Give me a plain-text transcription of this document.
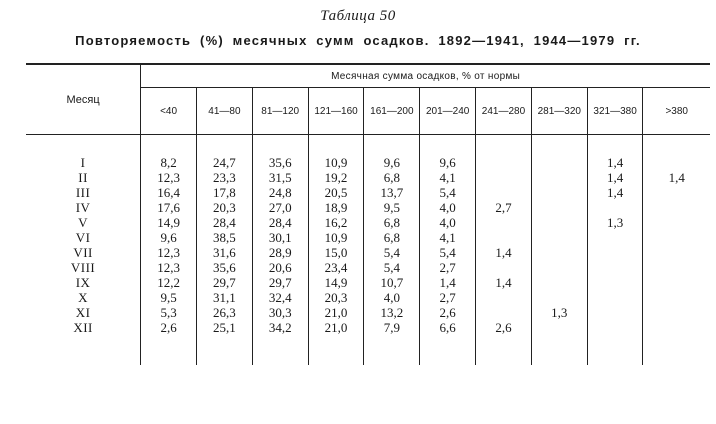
Таблица 50
Повторяемость (%) месячных сумм осадков. 1892—1941, 1944—1979 гг.
Месяц	Месячная сумма осадков, % от нормы									
	<40	41—80	81—120	121—160	161—200	201—240	241—280	281—320	321—380	>380

I	8,2	24,7	35,6	10,9	9,6	9,6			1,4	
II	12,3	23,3	31,5	19,2	6,8	4,1			1,4	1,4
III	16,4	17,8	24,8	20,5	13,7	5,4			1,4	
IV	17,6	20,3	27,0	18,9	9,5	4,0	2,7			
V	14,9	28,4	28,4	16,2	6,8	4,0			1,3	
VI	9,6	38,5	30,1	10,9	6,8	4,1				
VII	12,3	31,6	28,9	15,0	5,4	5,4	1,4			
VIII	12,3	35,6	20,6	23,4	5,4	2,7				
IX	12,2	29,7	29,7	14,9	10,7	1,4	1,4			
X	9,5	31,1	32,4	20,3	4,0	2,7				
XI	5,3	26,3	30,3	21,0	13,2	2,6		1,3		
XII	2,6	25,1	34,2	21,0	7,9	6,6	2,6			
